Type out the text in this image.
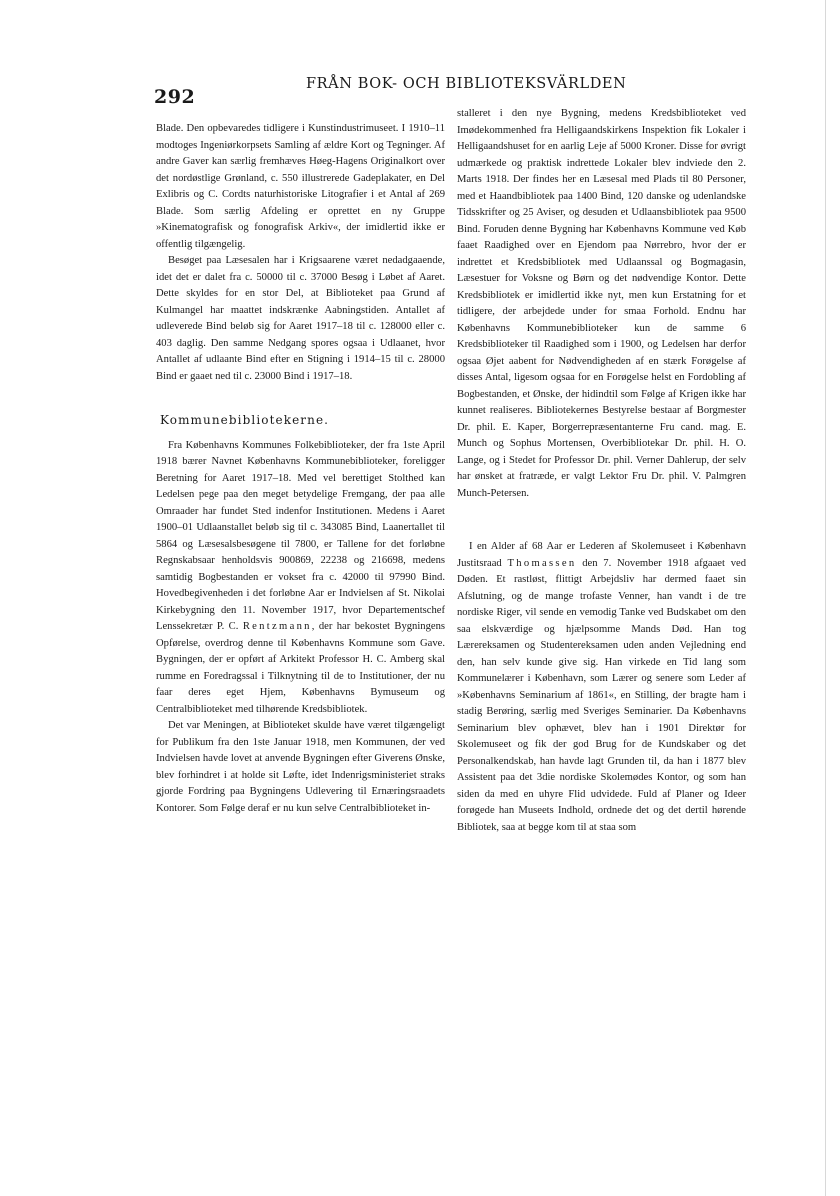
292
FRÅN BOK- OCH BIBLIOTEKSVÄRLDEN

Blade. Den opbevaredes tidligere i Kunstindustrimuseet. I 1910–11 modtoges Ingeniørkorpsets Samling af ældre Kort og Tegninger. Af andre Gaver kan særlig fremhæves Høeg-Hagens Originalkort over det nordøstlige Grønland, c. 550 illustrerede Gadeplakater, en Del Exlibris og C. Cordts naturhistoriske Litografier i et Antal af 269 Blade. Som særlig Afdeling er oprettet en ny Gruppe »Kinematografisk og fonografisk Arkiv«, der imidlertid ikke er offentlig tilgængelig.

Besøget paa Læsesalen har i Krigsaarene været nedadgaaende, idet det er dalet fra c. 50000 til c. 37000 Besøg i Løbet af Aaret. Dette skyldes for en stor Del, at Biblioteket paa Grund af Kulmangel har maattet indskrænke Aabningstiden. Antallet af udleverede Bind beløb sig for Aaret 1917–18 til c. 128000 eller c. 403 daglig. Den samme Nedgang spores ogsaa i Udlaanet, hvor Antallet af udlaante Bind efter en Stigning i 1914–15 til c. 28000 Bind er gaaet ned til c. 23000 Bind i 1917–18.

Kommunebibliotekerne.

Fra Københavns Kommunes Folkebiblioteker, der fra 1ste April 1918 bærer Navnet Københavns Kommunebiblioteker, foreligger Beretning for Aaret 1917–18. Med vel berettiget Stolthed kan Ledelsen pege paa den meget betydelige Fremgang, der paa alle Omraader har fundet Sted indenfor Institutionen. Medens i Aaret 1900–01 Udlaanstallet beløb sig til c. 343085 Bind, Laanertallet til 5864 og Læsesalsbesøgene til 7800, er Tallene for det forløbne Regnskabsaar henholdsvis 900869, 22238 og 216698, medens samtidig Bogbestanden er vokset fra c. 42000 til 97990 Bind. Hovedbegivenheden i det forløbne Aar er Indvielsen af St. Nikolai Kirkebygning den 11. November 1917, hvor Departementschef Lenssekretær P. C. Rentzmann, der har bekostet Bygningens Opførelse, overdrog denne til Københavns Kommune som Gave. Bygningen, der er opført af Arkitekt Professor H. C. Amberg skal rumme en Foredragssal i Tilknytning til de to Institutioner, der nu faar deres eget Hjem, Københavns Bymuseum og Centralbiblioteket med tilhørende Kredsbibliotek.

Det var Meningen, at Biblioteket skulde have været tilgængeligt for Publikum fra den 1ste Januar 1918, men Kommunen, der ved Indvielsen havde lovet at anvende Bygningen efter Giverens Ønske, blev forhindret i at holde sit Løfte, idet Indenrigsministeriet straks gjorde Fordring paa Bygningens Udlevering til Ernæringsraadets Kontorer. Som Følge deraf er nu kun selve Centralbiblioteket in-

stalleret i den nye Bygning, medens Kredsbiblioteket ved Imødekommenhed fra Helligaandskirkens Inspektion fik Lokaler i Helligaandshuset for en aarlig Leje af 5000 Kroner. Disse for øvrigt udmærkede og praktisk indrettede Lokaler blev indviede den 2. Marts 1918. Der findes her en Læsesal med Plads til 80 Personer, med et Haandbibliotek paa 1400 Bind, 120 danske og udenlandske Tidsskrifter og 25 Aviser, og desuden et Udlaansbibliotek paa 9500 Bind. Foruden denne Bygning har Københavns Kommune ved Køb faaet Raadighed over en Ejendom paa Nørrebro, hvor der er indrettet et Kredsbibliotek med Udlaanssal og Bogmagasin, Læsestuer for Voksne og Børn og det nødvendige Kontor. Dette Kredsbibliotek er imidlertid ikke nyt, men kun Erstatning for et tidligere, der arbejdede under for smaa Forhold. Endnu har Københavns Kommunebiblioteker kun de samme 6 Kredsbiblioteker til Raadighed som i 1900, og Ledelsen har derfor ogsaa Øjet aabent for Nødvendigheden af en stærk Forøgelse af disses Antal, ligesom ogsaa for en Forøgelse helst en Fordobling af Bogbestanden, et Ønske, der hidindtil som Følge af Krigen ikke har kunnet realiseres. Bibliotekernes Bestyrelse bestaar af Borgmester Dr. phil. E. Kaper, Borgerrepræsentanterne Fru cand. mag. E. Munch og Sophus Mortensen, Overbibliotekar Dr. phil. H. O. Lange, og i Stedet for Professor Dr. phil. Verner Dahlerup, der selv har ønsket at fratræde, er valgt Lektor Fru Dr. phil. V. Palmgren Munch-Petersen.

I en Alder af 68 Aar er Lederen af Skolemuseet i København Justitsraad Thomassen den 7. November 1918 afgaaet ved Døden. Et rastløst, flittigt Arbejdsliv har dermed faaet sin Afslutning, og de mange trofaste Venner, han vandt i de tre nordiske Riger, vil sende en vemodig Tanke ved Budskabet om den saa elskværdige og hjælpsomme Mands Død. Han tog Lærereksamen og Studentereksamen uden anden Vejledning end den, han selv kunde give sig. Han virkede en Tid lang som Kommunelærer i København, som Lærer og senere som Leder af »Københavns Seminarium af 1861«, en Stilling, der bragte ham i stadig Berøring, særlig med Sveriges Seminarier. Da Københavns Seminarium blev ophævet, blev han i 1901 Direktør for Skolemuseet og fik der god Brug for de Kundskaber og det Personalkendskab, han havde lagt Grunden til, da han i 1877 blev Assistent paa det 3die nordiske Skolemødes Kontor, og som han siden da med en uhyre Flid udvidede. Fuld af Planer og Ideer forøgede han Museets Indhold, ordnede det og det dertil hørende Bibliotek, saa at begge kom til at staa som
